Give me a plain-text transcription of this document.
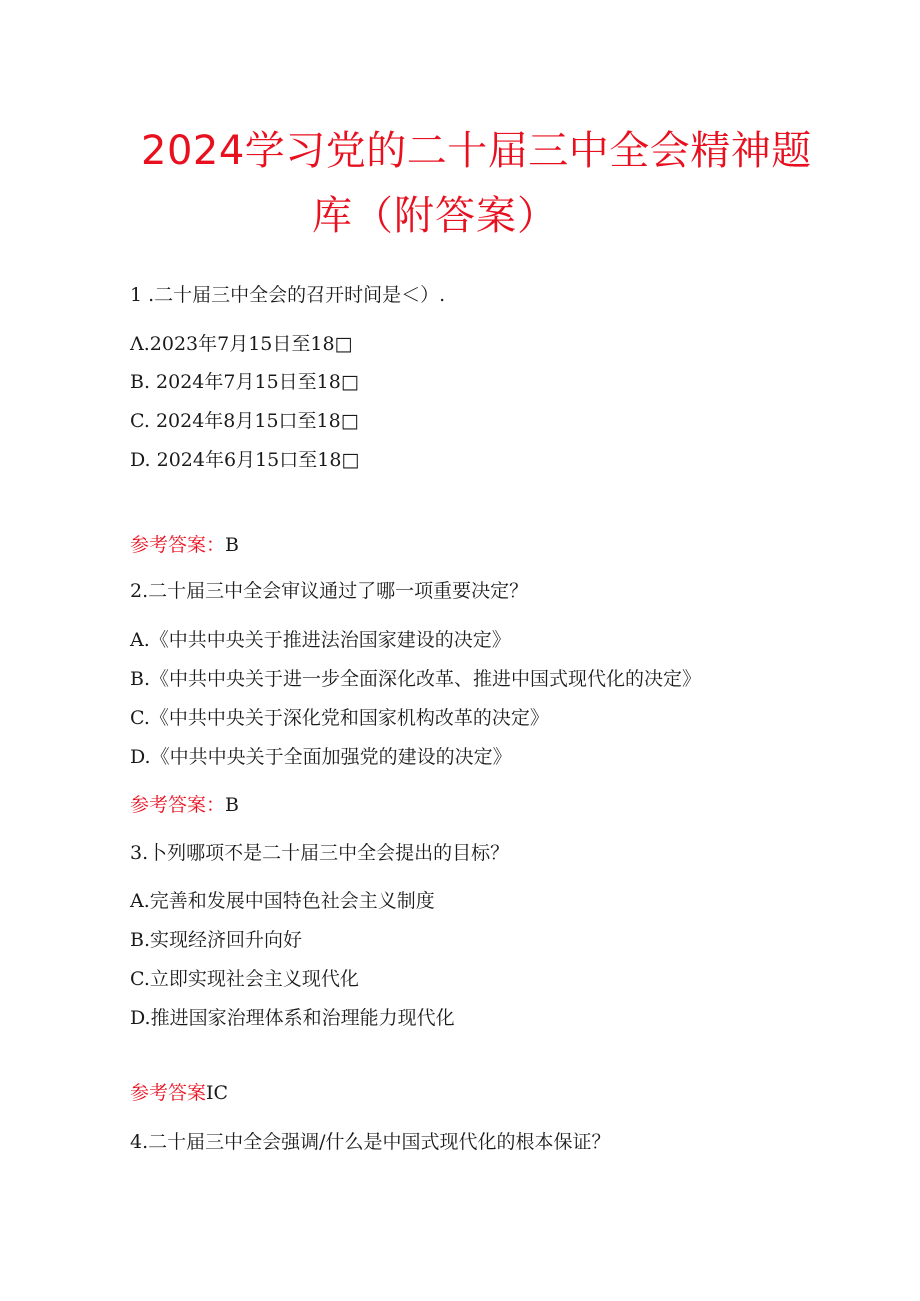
2024学习党的二十届三中全会精神题
库（附答案）
1 .二十届三中全会的召开时间是＜）.
Λ.2023年7月15日至18□
B. 2024年7月15日至18□
C. 2024年8月15口至18□
D. 2024年6月15口至18□
参考答案：B
2.二十届三中全会审议通过了哪一项重要决定？
A.《中共中央关于推进法治国家建设的决定》
B.《中共中央关于进一步全面深化改革、推进中国式现代化的决定》
C.《中共中央关于深化党和国家机构改革的决定》
D.《中共中央关于全面加强党的建设的决定》
参考答案：B
3.卜列哪项不是二十届三中全会提出的目标？
A.完善和发展中国特色社会主义制度
B.实现经济回升向好
C.立即实现社会主义现代化
D.推进国家治理体系和治理能力现代化
参考答案IC
4.二十届三中全会强调/什么是中国式现代化的根本保证？
